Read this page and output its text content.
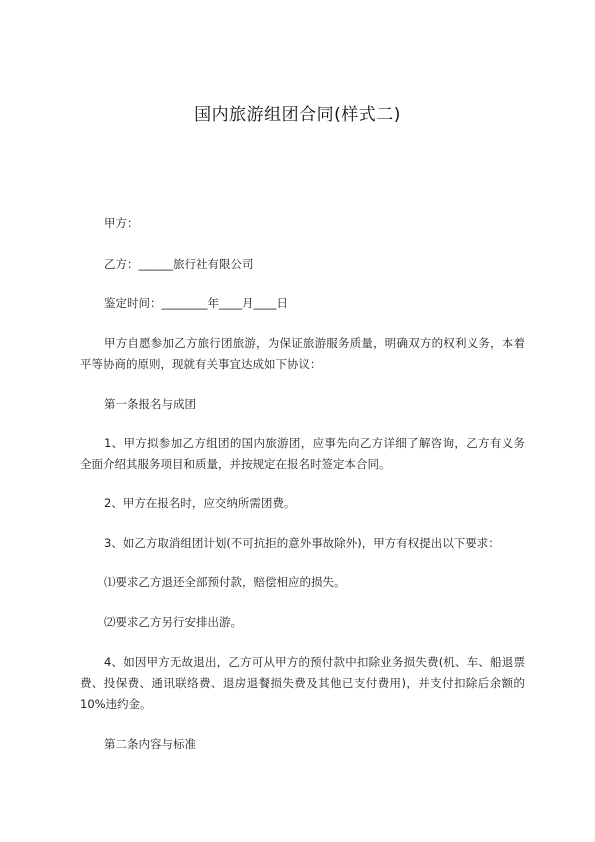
国内旅游组团合同(样式二)

甲方：

乙方：______旅行社有限公司

鉴定时间：________年____月____日

甲方自愿参加乙方旅行团旅游，为保证旅游服务质量，明确双方的权利义务，本着平等协商的原则，现就有关事宜达成如下协议：

第一条报名与成团

1、甲方拟参加乙方组团的国内旅游团，应事先向乙方详细了解咨询，乙方有义务全面介绍其服务项目和质量，并按规定在报名时签定本合同。

2、甲方在报名时，应交纳所需团费。

3、如乙方取消组团计划(不可抗拒的意外事故除外)，甲方有权提出以下要求：

⑴要求乙方退还全部预付款，赔偿相应的损失。

⑵要求乙方另行安排出游。

4、如因甲方无故退出，乙方可从甲方的预付款中扣除业务损失费(机、车、船退票费、投保费、通讯联络费、退房退餐损失费及其他已支付费用)，并支付扣除后余额的 10%违约金。

第二条内容与标准
